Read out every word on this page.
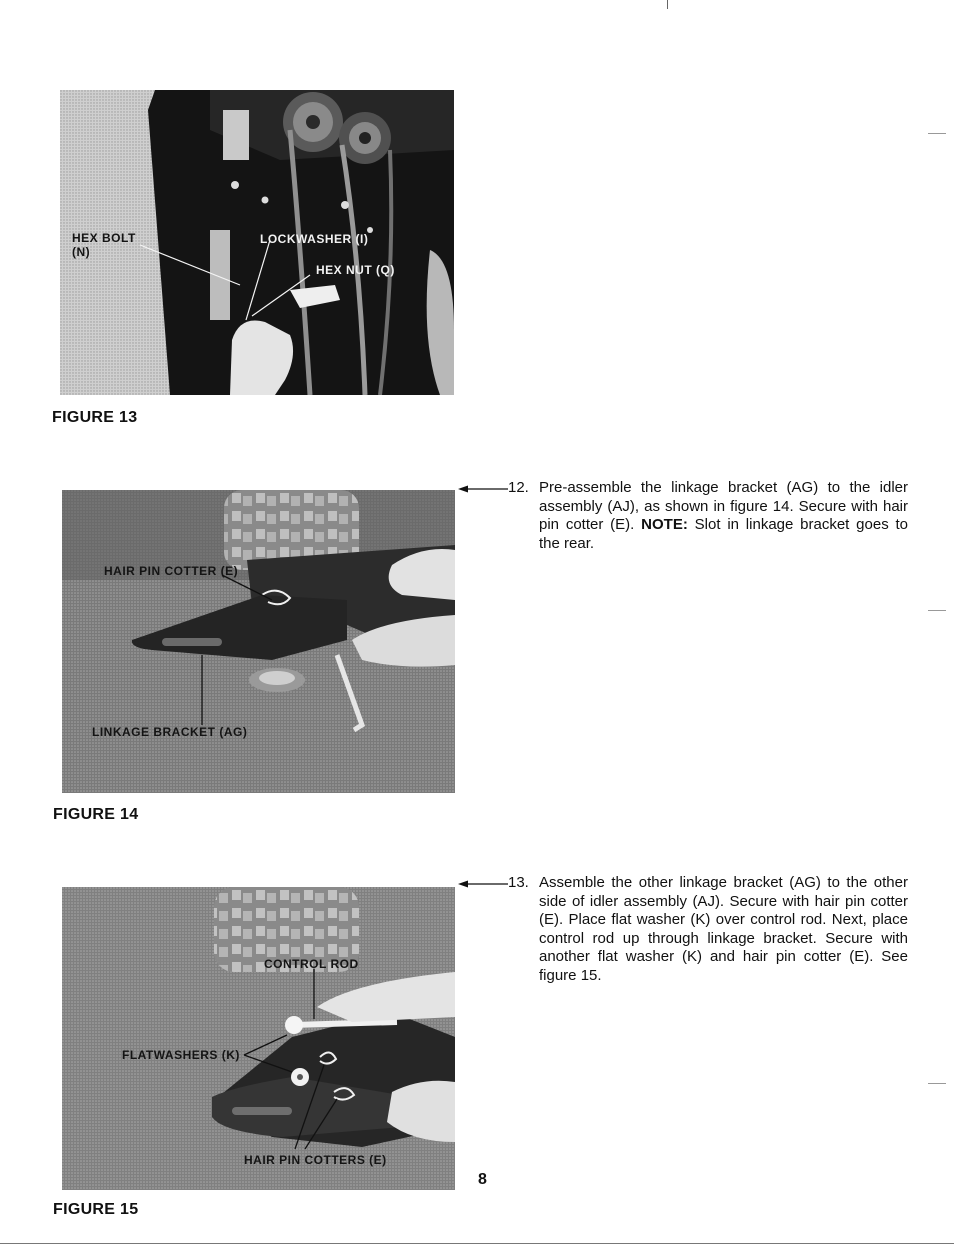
HEX BOLT
(N)
LOCKWASHER (I)
HEX NUT (Q)
FIGURE 13
HAIR PIN COTTER (E)
LINKAGE BRACKET (AG)
FIGURE 14
12. Pre-assemble the linkage bracket (AG) to the idler assembly (AJ), as shown in figure 14. Secure with hair pin cotter (E). NOTE: Slot in linkage bracket goes to the rear.
CONTROL ROD
FLATWASHERS (K)
HAIR PIN COTTERS (E)
FIGURE 15
13. Assemble the other linkage bracket (AG) to the other side of idler assembly (AJ). Secure with hair pin cotter (E). Place flat washer (K) over control rod. Next, place control rod up through linkage bracket. Secure with another flat washer (K) and hair pin cotter (E). See figure 15.
8
